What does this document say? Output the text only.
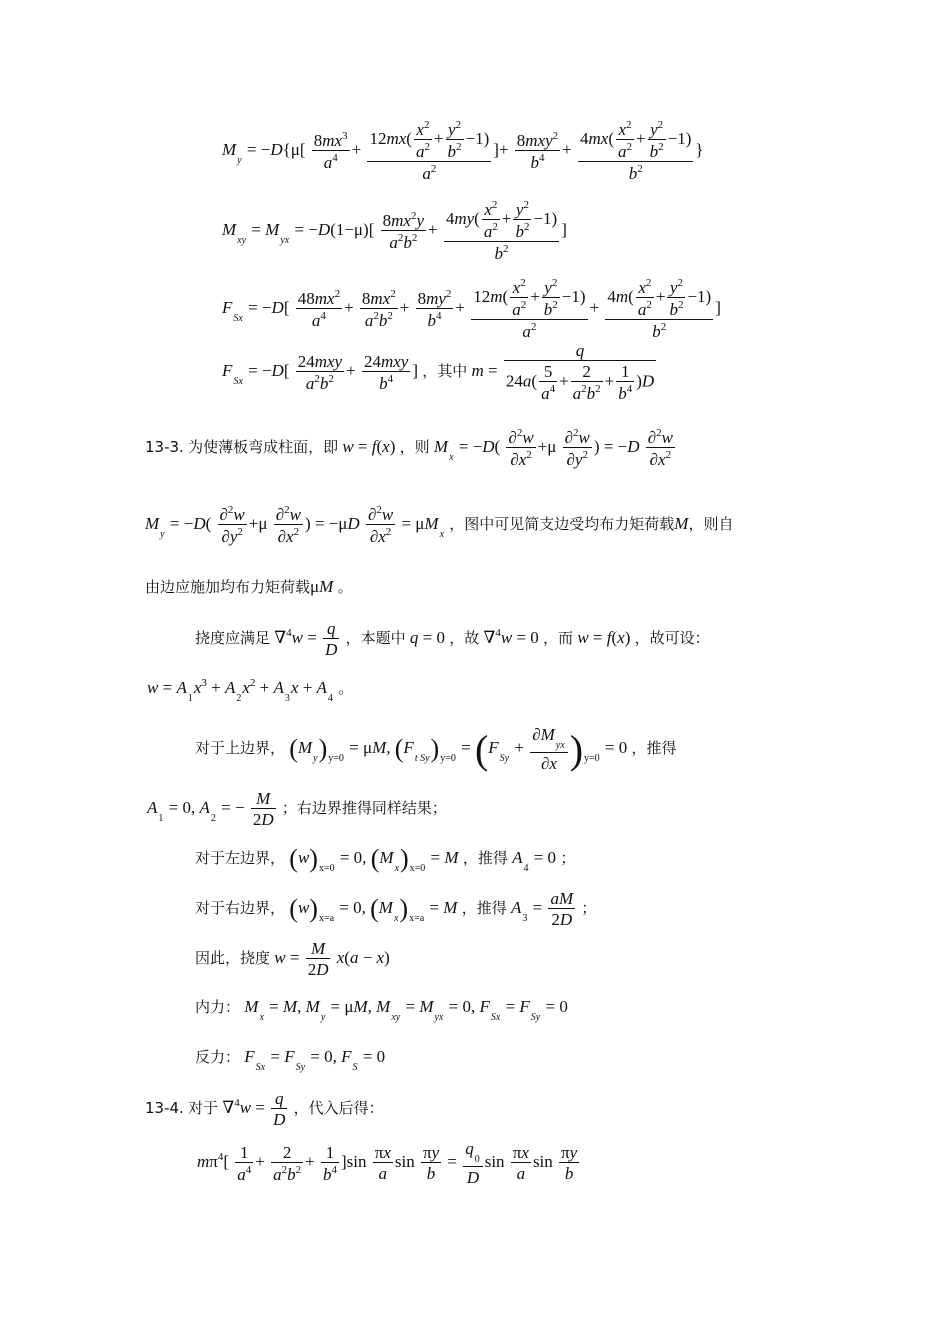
$M_y = -D\{\mu[ \frac{8mx^3}{a^4} + \frac{12mx( \frac{x^2}{a^2} + \frac{y^2}{b^2} -1)}{a^2}$ ]+ $\frac{8mxy^2}{b^4} + \frac{4mx( \frac{x^2}{a^2} + \frac{y^2}{b^2} -1)}{b^2}$ }
$M_{xy} = M_{yx} = -D(1-\mu)[ \frac{8mx^2y}{a^2b^2} + \frac{4my( \frac{x^2}{a^2} + \frac{y^2}{b^2} -1)}{b^2}$ ]
$F_{Sx} = -D[ \frac{48mx^2}{a^4} + \frac{8mx^2}{a^2b^2} + \frac{8my^2}{b^4} + \frac{12m( \frac{x^2}{a^2} + \frac{y^2}{b^2} -1)}{a^2} + \frac{4m( \frac{x^2}{a^2} + \frac{y^2}{b^2} -1)}{b^2}$ ]
$F_{Sx} = -D[ \frac{\text{24mxy}}{a^2b^2} + \frac{\text{24mxy}}{b^4}$ ] ，其中 $m = \frac{q}{24a( \frac{5}{a^4} + \frac{2}{a^2b^2} + \frac{1}{b^4} )D}$
13-3. 为使薄板弯成柱面，即 w = f(x) ，则 $M_x = -D( \frac{\partial^2w}{\partial x^2} +\mu \frac{\partial^2w}{\partial y^2}$ ) = $-D \frac{\partial^2w}{\partial x^2}$
$M_y = -D( \frac{\partial^2w}{\partial y^2} +\mu \frac{\partial^2w}{\partial x^2}$ ) = $-\mu D \frac{\partial^2w}{\partial x^2} = \mu M_x$ ，图中可见简支边受均布力矩荷载M，则自
由边应施加均布力矩荷载μM 。
挠度应满足 $\nabla^4w = \frac{q}{D}$ ，本题中 q = 0 ，故 ∇$^4$w = 0 ，而 w = f(x) ，故可设：
$w = A_1x^3 + A_2x^2 + A_3x + A_4$ 。
对于上边界， $(M_y)_{y=0} = \mu M$, $(F_{t Sy})_{y=0} = (F_{Sy} + \frac{\partial M_{yx}}{\partial x} )_{y=0} = 0$ ，推得
$A_1 = 0$, $A_2$ = − $\frac{M}{2D}$ ；右边界推得同样结果；
对于左边界， $(w)_{x=0} = 0$, $(M_x)_{x=0} = M$ ，推得 $A_4 = 0$ ；
对于右边界， $(w)_{x=a} = 0$, $(M_x)_{x=a} = M$ ，推得 $A_3 = \frac{aM}{2D}$ ；
因此，挠度 $w = \frac{M}{2D} x(a - x)$
内力： $M_x = M$, $M_y = \mu M$, $M_{xy} = M_{yx} = 0$, $F_{Sx} = F_{Sy} = 0$
反力： $F_{Sx} = F_{Sy} = 0$, $F_S = 0$
13-4. 对于 $\nabla^4w = \frac{q}{D}$ ，代入后得：
$m\pi^4[ \frac{1}{a^4} + \frac{2}{a^2b^2} + \frac{1}{b^4} ]\sin \frac{\pi x}{a}$ $\sin \frac{\pi y}{b} = \frac{q_0}{D}$ $\sin \frac{\pi x}{a}$ $\sin \frac{\pi y}{b}$
